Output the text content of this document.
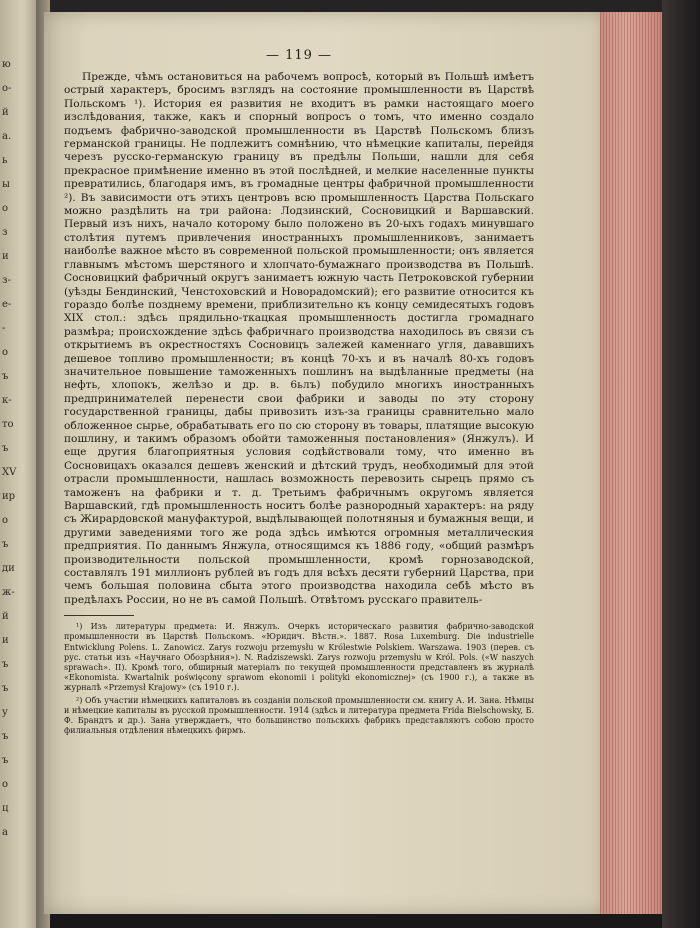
ю
о-
й
а.
ь
ы
о
з
и
з-
е-
-
о
ъ
к-
то
ъ
ХV
ир
о
ъ
ди
ж-
й
и
ъ
ъ
у
ъ
ъ
о
ц
а
— 119 —

Прежде, чѣмъ остановиться на рабочемъ вопросѣ, который въ Польшѣ имѣетъ острый характеръ, бросимъ взглядъ на состояние промышленности въ Царствѣ Польскомъ ¹). История ея развития не входитъ въ рамки настоящаго моего изслѣдования, также, какъ и спорный вопросъ о томъ, что именно создало подъемъ фабрично-заводской промышленности въ Царствѣ Польскомъ близъ германской границы. Не подлежитъ сомнѣнию, что нѣмецкие капиталы, перейдя черезъ русско-германскую границу въ предѣлы Польши, нашли для себя прекрасное примѣнение именно въ этой послѣдней, и мелкие населенные пункты превратились, благодаря имъ, въ громадные центры фабричной промышленности ²). Въ зависимости отъ этихъ центровъ всю промышленность Царства Польскаго можно раздѣлить на три района: Лодзинский, Сосновицкий и Варшавский. Первый изъ нихъ, начало которому было положено въ 20-ыхъ годахъ минувшаго столѣтия путемъ привлечения иностранныхъ промышленниковъ, занимаетъ наиболѣе важное мѣсто въ современной польской промышленности; онъ является главнымъ мѣстомъ шерстяного и хлопчато-бумажнаго производства въ Польшѣ. Сосновицкий фабричный округъ занимаетъ южную часть Петроковской губернии (уѣзды Бендинский, Ченстоховский и Новорадомский); его развитие относится къ гораздо болѣе позднему времени, приблизительно къ концу семидесятыхъ годовъ XIX стол.: здѣсь прядильно-ткацкая промышленность достигла громаднаго размѣра; происхождение здѣсь фабричнаго производства находилось въ связи съ открытиемъ въ окрестностяхъ Сосновицъ залежей каменнаго угля, дававшихъ дешевое топливо промышленности; въ концѣ 70-хъ и въ началѣ 80-хъ годовъ значительное повышение таможенныхъ пошлинъ на выдѣланные предметы (на нефть, хлопокъ, желѣзо и др. в. 6ьлъ) побудило многихъ иностранныхъ предпринимателей перенести свои фабрики и заводы по эту сторону государственной границы, дабы привозить изъ-за границы сравнительно мало обложенное сырье, обрабатывать его по сю сторону въ товары, платящие высокую пошлину, и такимъ образомъ обойти таможенныя постановления» (Янжулъ). И еще другия благоприятныя условия содѣйствовали тому, что именно въ Сосновицахъ оказался дешевъ женский и дѣтский трудъ, необходимый для этой отрасли промышленности, нашлась возможность перевозить сырецъ прямо съ таможенъ на фабрики и т. д. Третьимъ фабричнымъ округомъ является Варшавский, гдѣ промышленность носитъ болѣе разнородный характеръ: на ряду съ Жирардовской мануфактурой, выдѣлывающей полотняныя и бумажныя вещи, и другими заведениями того же рода здѣсь имѣются огромныя металлическия предприятия. По даннымъ Янжула, относящимся къ 1886 году, «общий размѣръ производительности польской промышленности, кромѣ горнозаводской, составлялъ 191 миллионъ рублей въ годъ для всѣхъ десяти губерний Царства, при чемъ большая половина сбыта этого производства находила себѣ мѣсто въ предѣлахъ России, но не въ самой Польшѣ. Отвѣтомъ русскаго правитель-

¹) Изъ литературы предмета: И. Янжулъ. Очеркъ историческаго развития фабрично-заводской промышленности въ Царствѣ Польскомъ. «Юридич. Вѣстн.». 1887. Rosa Luxemburg. Die industrielle Entwicklung Polens. L. Zanowicz. Zarys rozwoju przemysłu w Królestwie Polskiem. Warszawa. 1903 (перев. съ рус. статьи изъ «Научнаго Обозрѣния»). N. Radziszewski. Zarys rozwoju przemysłu w Król. Pols. («W naszych sprawach». II). Кромѣ того, обширный матеріалъ по текущей промышленности представленъ въ журналѣ «Ekonomista. Kwartalnik poświęcony sprawom ekonomii i polityki ekonomicznej» (съ 1900 г.), а также въ журналѣ «Przemysł Krajowy» (съ 1910 г.).

²) Объ участии нѣмецкихъ капиталовъ въ созданіи польской промышленности см. книгу А. И. Зана. Нѣмцы и нѣмецкие капиталы въ русской промышленности. 1914 (здѣсь и литература предмета Frida Bielschowsky, Б. Ф. Брандтъ и др.). Зана утверждаетъ, что большинство польскихъ фабрикъ представляютъ собою просто филиальныя отдѣления нѣмецкихъ фирмъ.
